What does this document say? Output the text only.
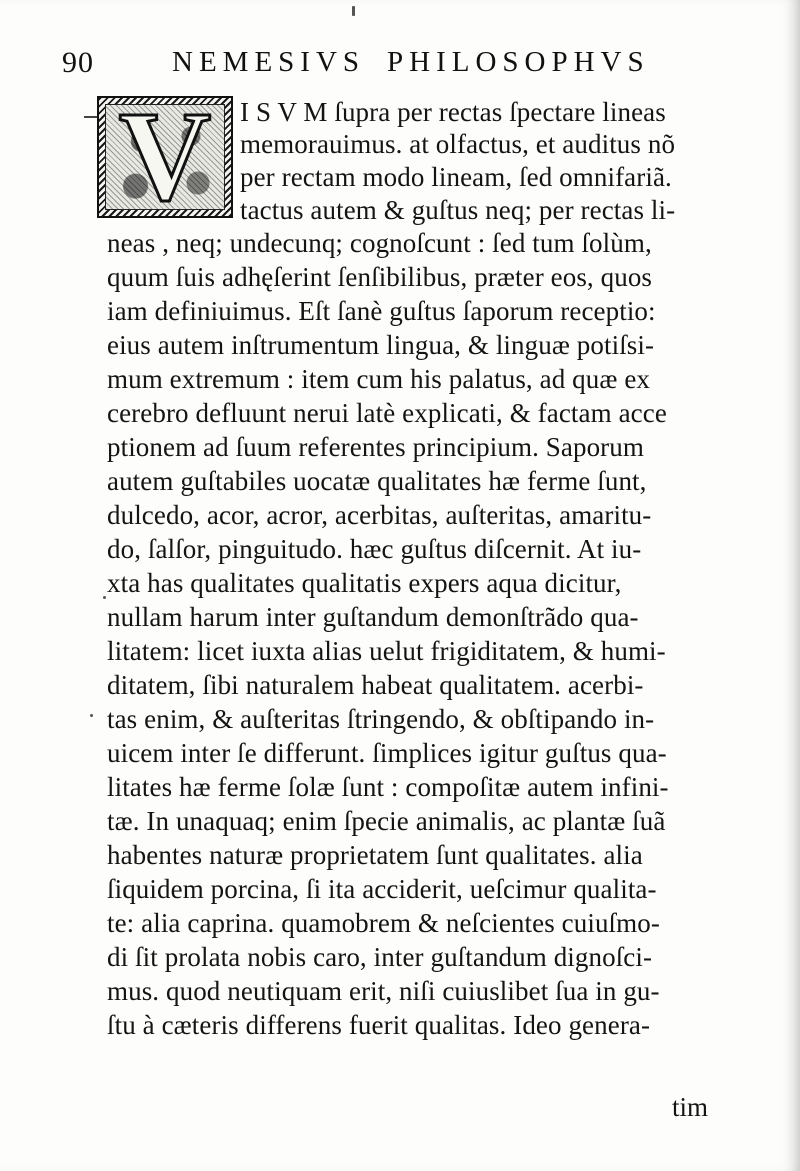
90	NEMESIVS PHILOSOPHVS
V	I S V M ſupra per rectas ſpectare lineas
memorauimus. at olfactus, et auditus nõ
per rectam modo lineam, ſed omnifariã.
tactus autem & guſtus neq; per rectas li-
neas , neq; undecunq; cognoſcunt : ſed tum ſolùm,
quum ſuis adhęſerint ſenſibilibus, præter eos, quos
iam definiuimus. Eſt ſanè guſtus ſaporum receptio:
eius autem inſtrumentum lingua, & linguæ potiſsi-
mum extremum : item cum his palatus, ad quæ ex
cerebro defluunt nerui latè explicati, & factam acce
ptionem ad ſuum referentes principium. Saporum
autem guſtabiles uocatæ qualitates hæ ferme ſunt,
dulcedo, acor, acror, acerbitas, auſteritas, amaritu-
do, ſalſor, pinguitudo. hæc guſtus diſcernit. At iu-
xta has qualitates qualitatis expers aqua dicitur,
nullam harum inter guſtandum demonſtrãdo qua-
litatem: licet iuxta alias uelut frigiditatem, & humi-
ditatem, ſibi naturalem habeat qualitatem. acerbi-
tas enim, & auſteritas ſtringendo, & obſtipando in-
uicem inter ſe differunt. ſimplices igitur guſtus qua-
litates hæ ferme ſolæ ſunt : compoſitæ autem infini-
tæ. In unaquaq; enim ſpecie animalis, ac plantæ ſuã
habentes naturæ proprietatem ſunt qualitates. alia
ſiquidem porcina, ſi ita acciderit, ueſcimur qualita-
te: alia caprina. quamobrem & neſcientes cuiuſmo-
di ſit prolata nobis caro, inter guſtandum dignoſci-
mus. quod neutiquam erit, niſi cuiuslibet ſua in gu-
ſtu à cæteris differens fuerit qualitas. Ideo genera-
tim
